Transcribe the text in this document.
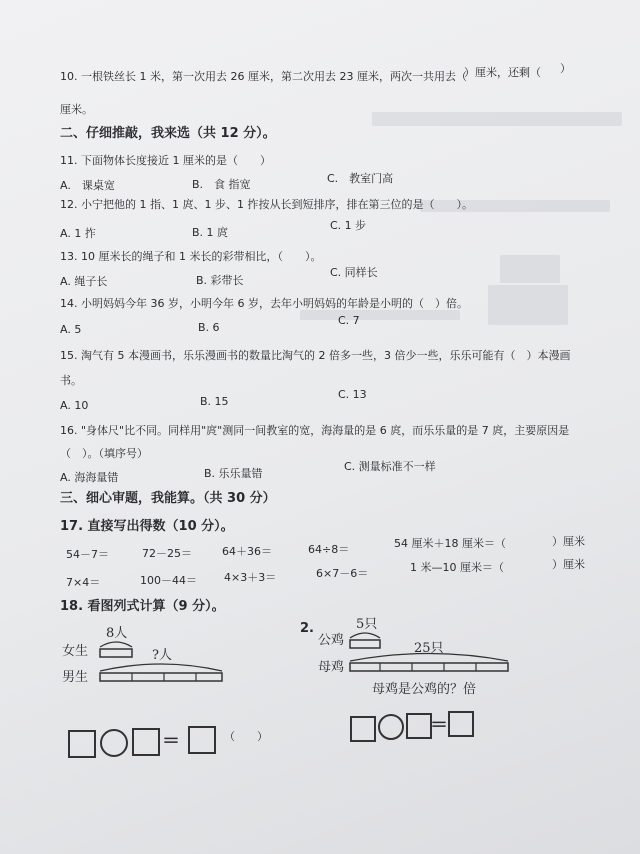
10. 一根铁丝长 1 米，第一次用去 26 厘米，第二次用去 23 厘米，两次一共用去（
）厘米，还剩（ ）
厘米。
二、仔细推敲，我来选（共 12 分）。
11. 下面物体长度接近 1 厘米的是（　　）
A.　课桌宽	B.　食 指宽	C.　教室门高
12. 小宁把他的 1 指、1 庹、1 步、1 拃按从长到短排序，排在第三位的是（　　）。
A. 1 拃	B. 1 庹
C. 1 步
13. 10 厘米长的绳子和 1 米长的彩带相比，（　　）。
A. 绳子长	B. 彩带长
C. 同样长
14. 小明妈妈今年 36 岁，小明今年 6 岁，去年小明妈妈的年龄是小明的（　）倍。
A. 5	B. 6
C. 7
15. 淘气有 5 本漫画书，乐乐漫画书的数量比淘气的 2 倍多一些，3 倍少一些，乐乐可能有（　）本漫画
书。
A. 10	B. 15
C. 13
16. "身体尺"比不同。同样用"庹"测同一间教室的宽，海海量的是 6 庹，而乐乐量的是 7 庹，主要原因是
（　）。（填序号）
A. 海海量错	B. 乐乐量错
C. 测量标准不一样
三、细心审题，我能算。（共 30 分）
17. 直接写出得数（10 分）。
54－7＝	72－25＝	64＋36＝	64÷8＝	54 厘米＋18 厘米＝（	）厘米
7×4＝	100－44＝ 4×3＋3＝	6×7－6＝	1 米—10 厘米＝（	）厘米
18. 看图列式计算（9 分）。
女生
8人
男生
?人
2.
公鸡
5只
母鸡
25只
母鸡是公鸡的？倍
＝	（　　）
＝
